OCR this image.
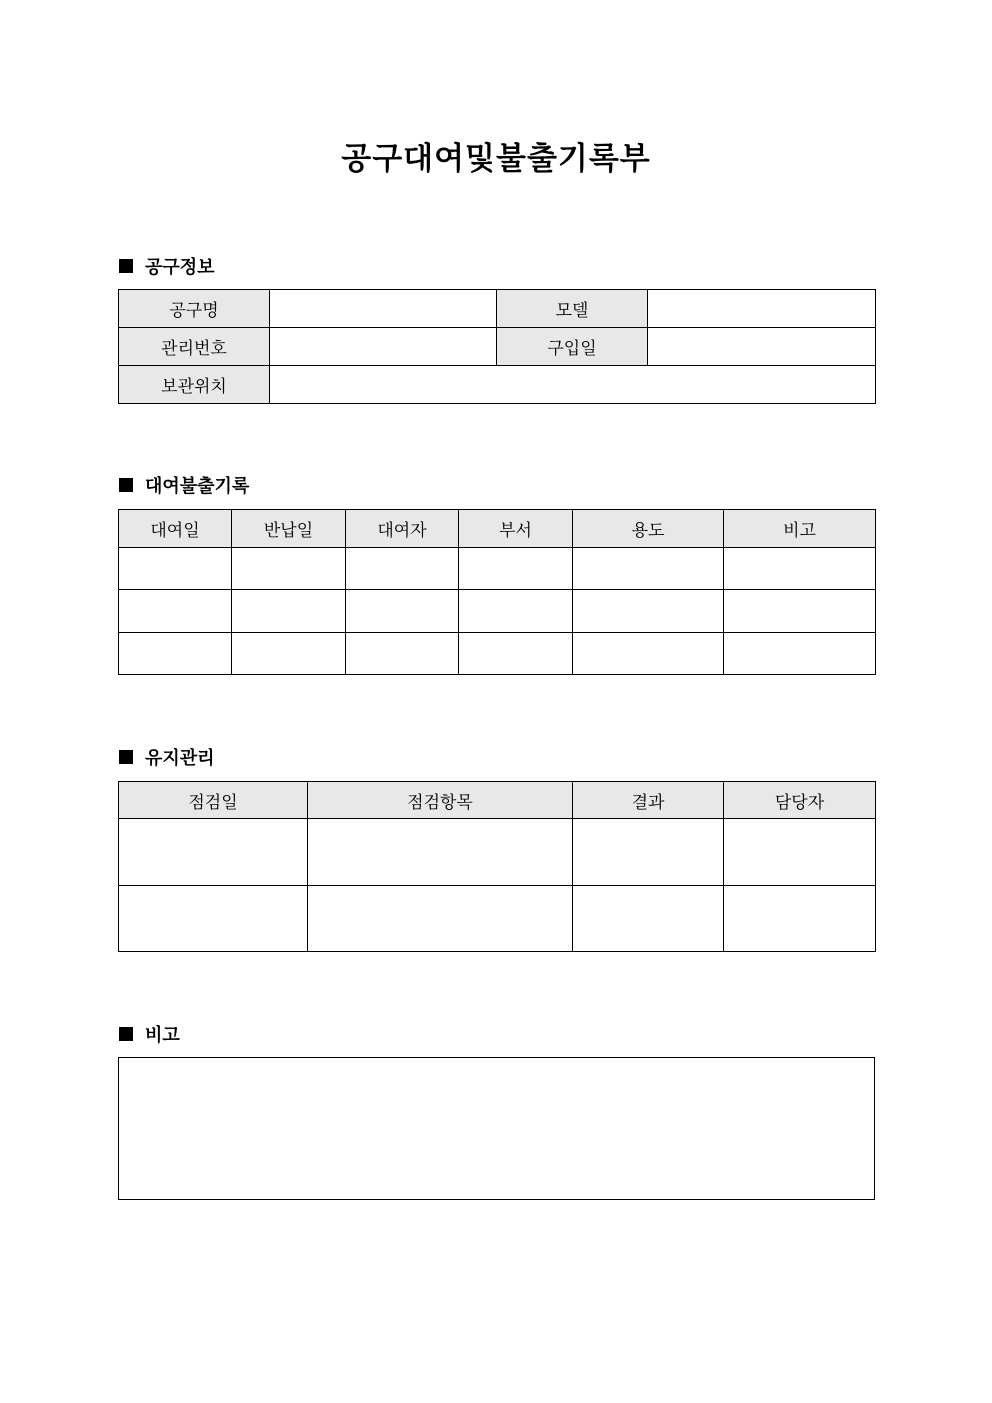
공구대여및불출기록부
공구정보
공구명		모델	
관리번호		구입일	
보관위치			
대여불출기록
대여일	반납일	대여자	부서	용도	비고

유지관리
점검일	점검항목	결과	담당자

비고
